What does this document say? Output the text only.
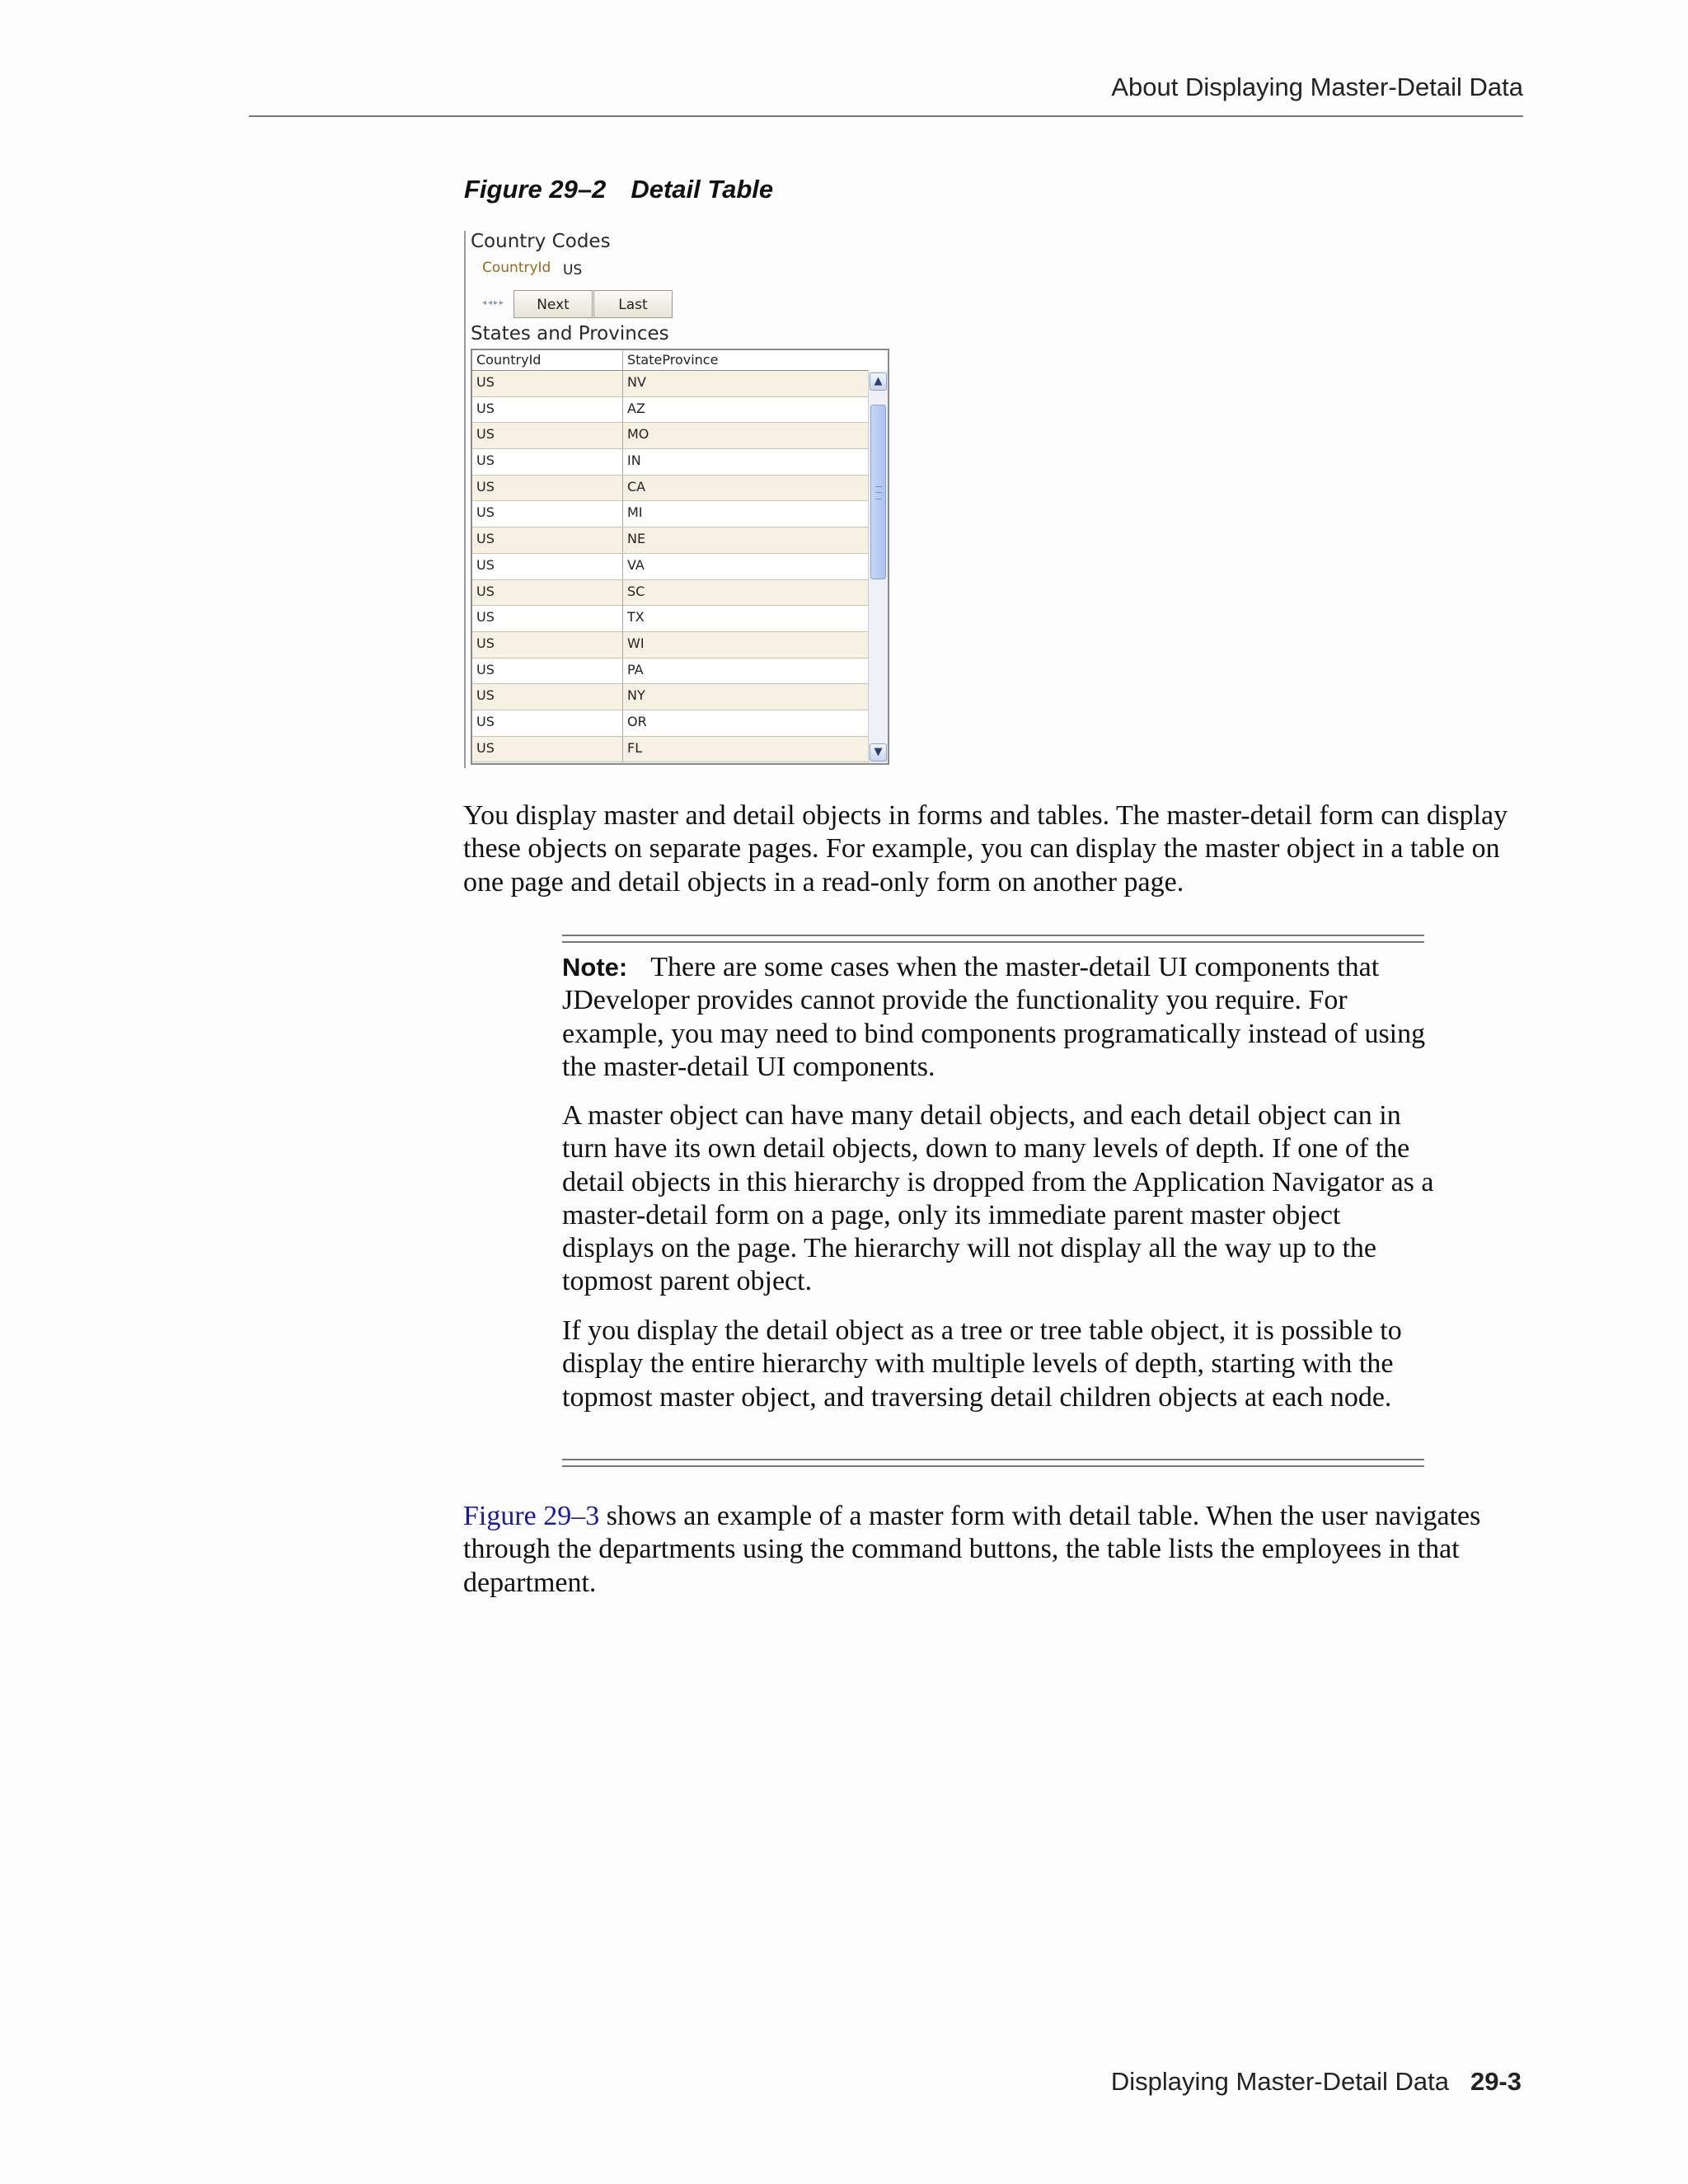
About Displaying Master-Detail Data
Figure 29–2 Detail Table
Country Codes
CountryId US
◂◂▸▸	Next	Last
States and Provinces
CountryId	StateProvince
US	NV
US	AZ
US	MO
US	IN
US	CA
US	MI
US	NE
US	VA
US	SC
US	TX
US	WI
US	PA
US	NY
US	OR
US	FL
▲
▼
You display master and detail objects in forms and tables. The master-detail form can display these objects on separate pages. For example, you can display the master object in a table on one page and detail objects in a read-only form on another page.
Note: There are some cases when the master-detail UI components that JDeveloper provides cannot provide the functionality you require. For example, you may need to bind components programatically instead of using the master-detail UI components.
A master object can have many detail objects, and each detail object can in turn have its own detail objects, down to many levels of depth. If one of the detail objects in this hierarchy is dropped from the Application Navigator as a master-detail form on a page, only its immediate parent master object displays on the page. The hierarchy will not display all the way up to the topmost parent object.
If you display the detail object as a tree or tree table object, it is possible to display the entire hierarchy with multiple levels of depth, starting with the topmost master object, and traversing detail children objects at each node.
Figure 29–3 shows an example of a master form with detail table. When the user navigates through the departments using the command buttons, the table lists the employees in that department.
Displaying Master-Detail Data 29-3
